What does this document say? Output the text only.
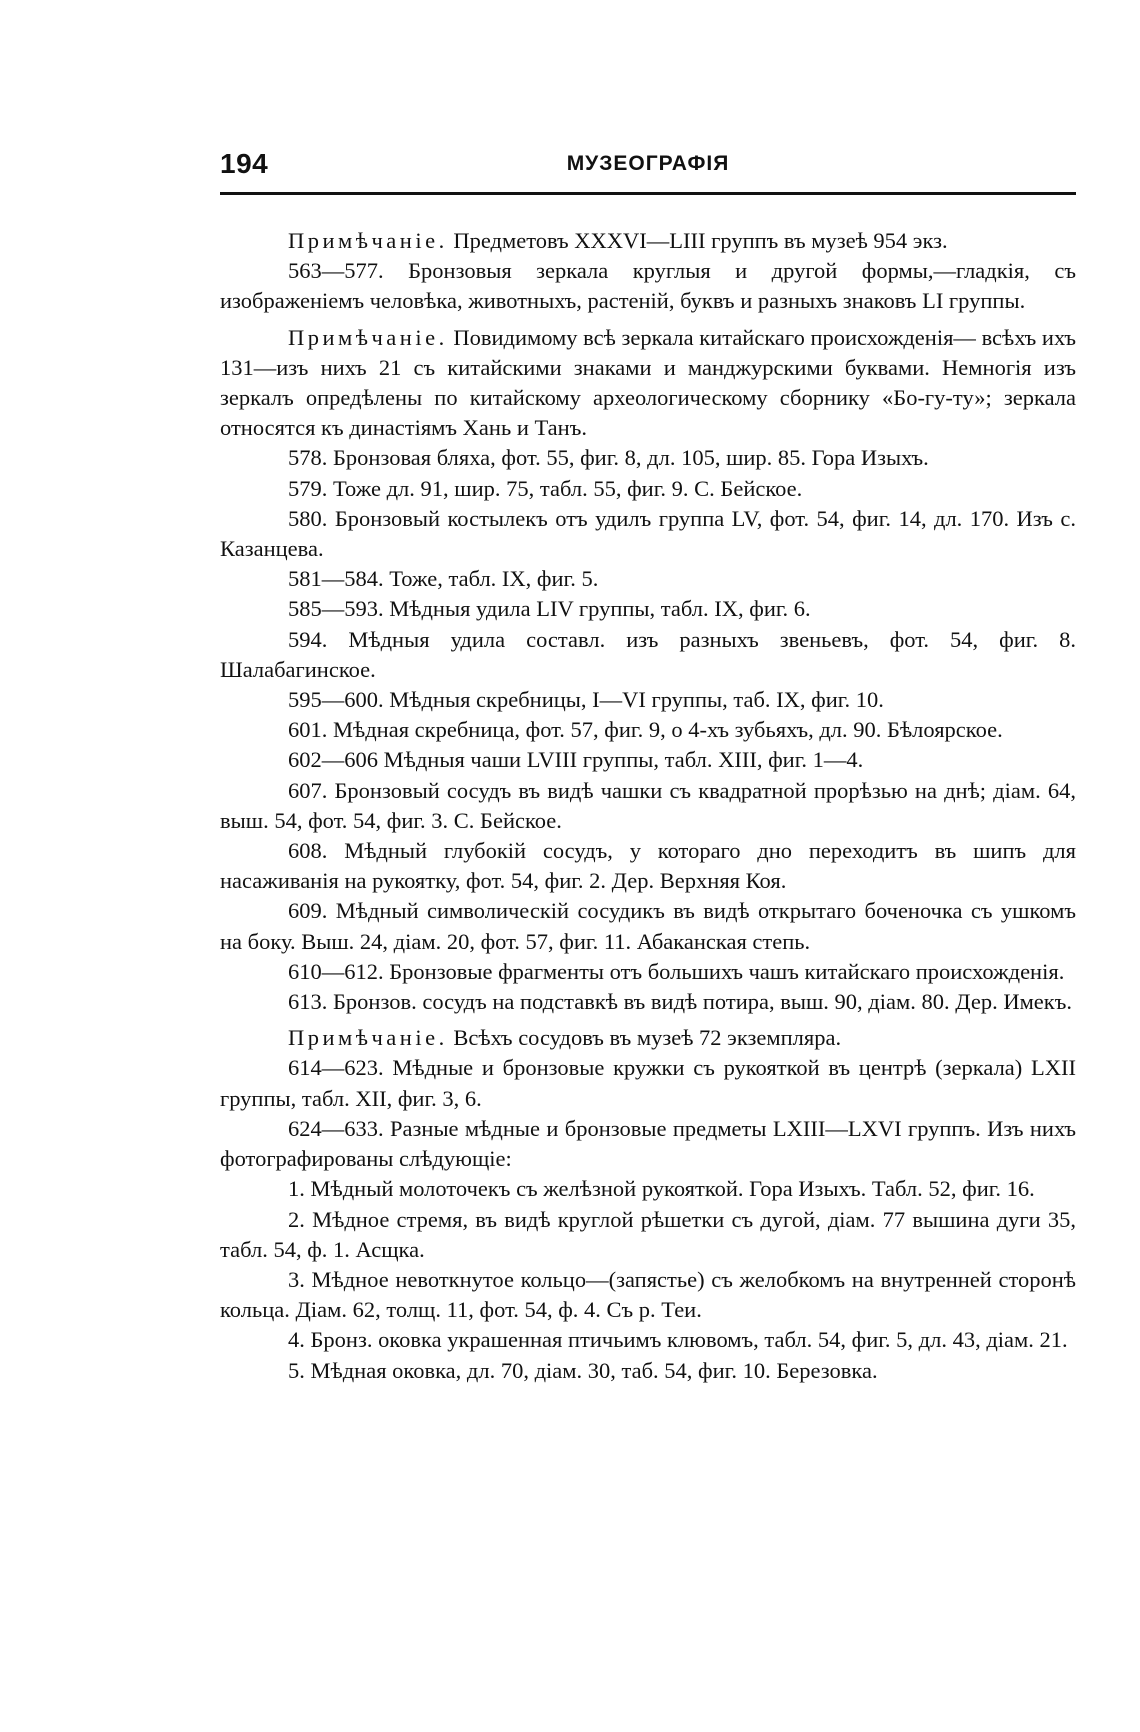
194	МУЗЕОГРАФІЯ

Примѣчаніе. Предметовъ XXXVI—LIII группъ въ музеѣ 954 экз.

563—577. Бронзовыя зеркала круглыя и другой формы,—гладкія, съ изображеніемъ человѣка, животныхъ, растеній, буквъ и разныхъ знаковъ LI группы.

Примѣчаніе. Повидимому всѣ зеркала китайскаго происхожденія— всѣхъ ихъ 131—изъ нихъ 21 съ китайскими знаками и манджурскими буквами. Немногія изъ зеркалъ опредѣлены по китайскому археологическому сборнику «Бо-гу-ту»; зеркала относятся къ династіямъ Хань и Танъ.

578. Бронзовая бляха, фот. 55, фиг. 8, дл. 105, шир. 85. Гора Изыхъ.

579. Тоже дл. 91, шир. 75, табл. 55, фиг. 9. С. Бейское.

580. Бронзовый костылекъ отъ удилъ группа LV, фот. 54, фиг. 14, дл. 170. Изъ с. Казанцева.

581—584. Тоже, табл. IX, фиг. 5.

585—593. Мѣдныя удила LIV группы, табл. IX, фиг. 6.

594. Мѣдныя удила составл. изъ разныхъ звеньевъ, фот. 54, фиг. 8. Шалабагинское.

595—600. Мѣдныя скребницы, I—VI группы, таб. IX, фиг. 10.

601. Мѣдная скребница, фот. 57, фиг. 9, о 4-хъ зубьяхъ, дл. 90. Бѣлоярское.

602—606 Мѣдныя чаши LVIII группы, табл. XIII, фиг. 1—4.

607. Бронзовый сосудъ въ видѣ чашки съ квадратной прорѣзью на днѣ; діам. 64, выш. 54, фот. 54, фиг. 3. С. Бейское.

608. Мѣдный глубокій сосудъ, у котораго дно переходитъ въ шипъ для насаживанія на рукоятку, фот. 54, фиг. 2. Дер. Верхняя Коя.

609. Мѣдный символическій сосудикъ въ видѣ открытаго боченочка съ ушкомъ на боку. Выш. 24, діам. 20, фот. 57, фиг. 11. Абаканская степь.

610—612. Бронзовые фрагменты отъ большихъ чашъ китайскаго происхожденія.

613. Бронзов. сосудъ на подставкѣ въ видѣ потира, выш. 90, діам. 80. Дер. Имекъ.

Примѣчаніе. Всѣхъ сосудовъ въ музеѣ 72 экземпляра.

614—623. Мѣдные и бронзовые кружки съ рукояткой въ центрѣ (зеркала) LXII группы, табл. XII, фиг. 3, 6.

624—633. Разные мѣдные и бронзовые предметы LXIII—LXVI группъ. Изъ нихъ фотографированы слѣдующіе:

1. Мѣдный молоточекъ съ желѣзной рукояткой. Гора Изыхъ. Табл. 52, фиг. 16.

2. Мѣдное стремя, въ видѣ круглой рѣшетки съ дугой, діам. 77 вышина дуги 35, табл. 54, ф. 1. Асщка.

3. Мѣдное невоткнутое кольцо—(запястье) съ желобкомъ на внутренней сторонѣ кольца. Діам. 62, толщ. 11, фот. 54, ф. 4. Съ р. Теи.

4. Бронз. оковка украшенная птичьимъ клювомъ, табл. 54, фиг. 5, дл. 43, діам. 21.

5. Мѣдная оковка, дл. 70, діам. 30, таб. 54, фиг. 10. Березовка.
